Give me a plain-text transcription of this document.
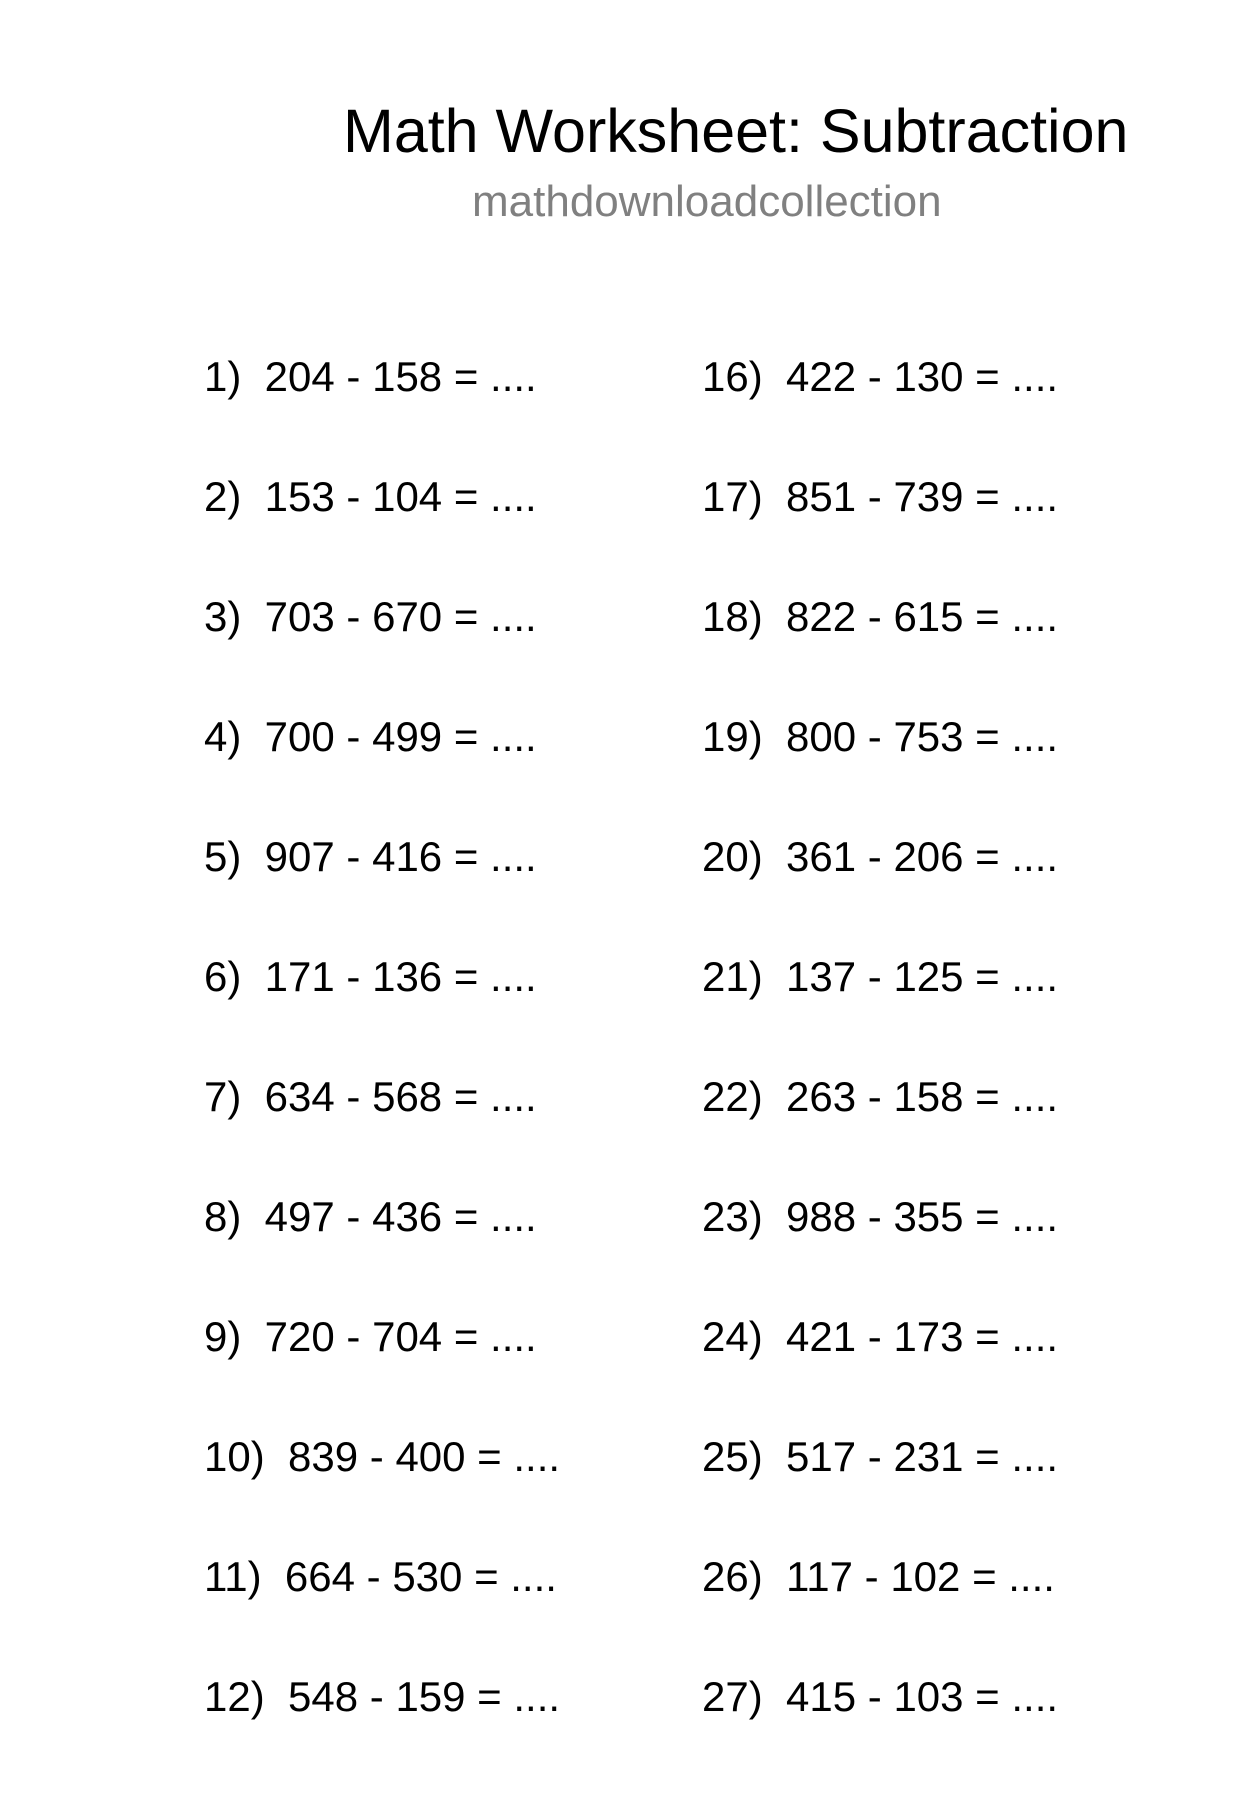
Math Worksheet: Subtraction
mathdownloadcollection
1)  204 - 158 = ....
2)  153 - 104 = ....
3)  703 - 670 = ....
4)  700 - 499 = ....
5)  907 - 416 = ....
6)  171 - 136 = ....
7)  634 - 568 = ....
8)  497 - 436 = ....
9)  720 - 704 = ....
10)  839 - 400 = ....
11)  664 - 530 = ....
12)  548 - 159 = ....
16)  422 - 130 = ....
17)  851 - 739 = ....
18)  822 - 615 = ....
19)  800 - 753 = ....
20)  361 - 206 = ....
21)  137 - 125 = ....
22)  263 - 158 = ....
23)  988 - 355 = ....
24)  421 - 173 = ....
25)  517 - 231 = ....
26)  117 - 102 = ....
27)  415 - 103 = ....
